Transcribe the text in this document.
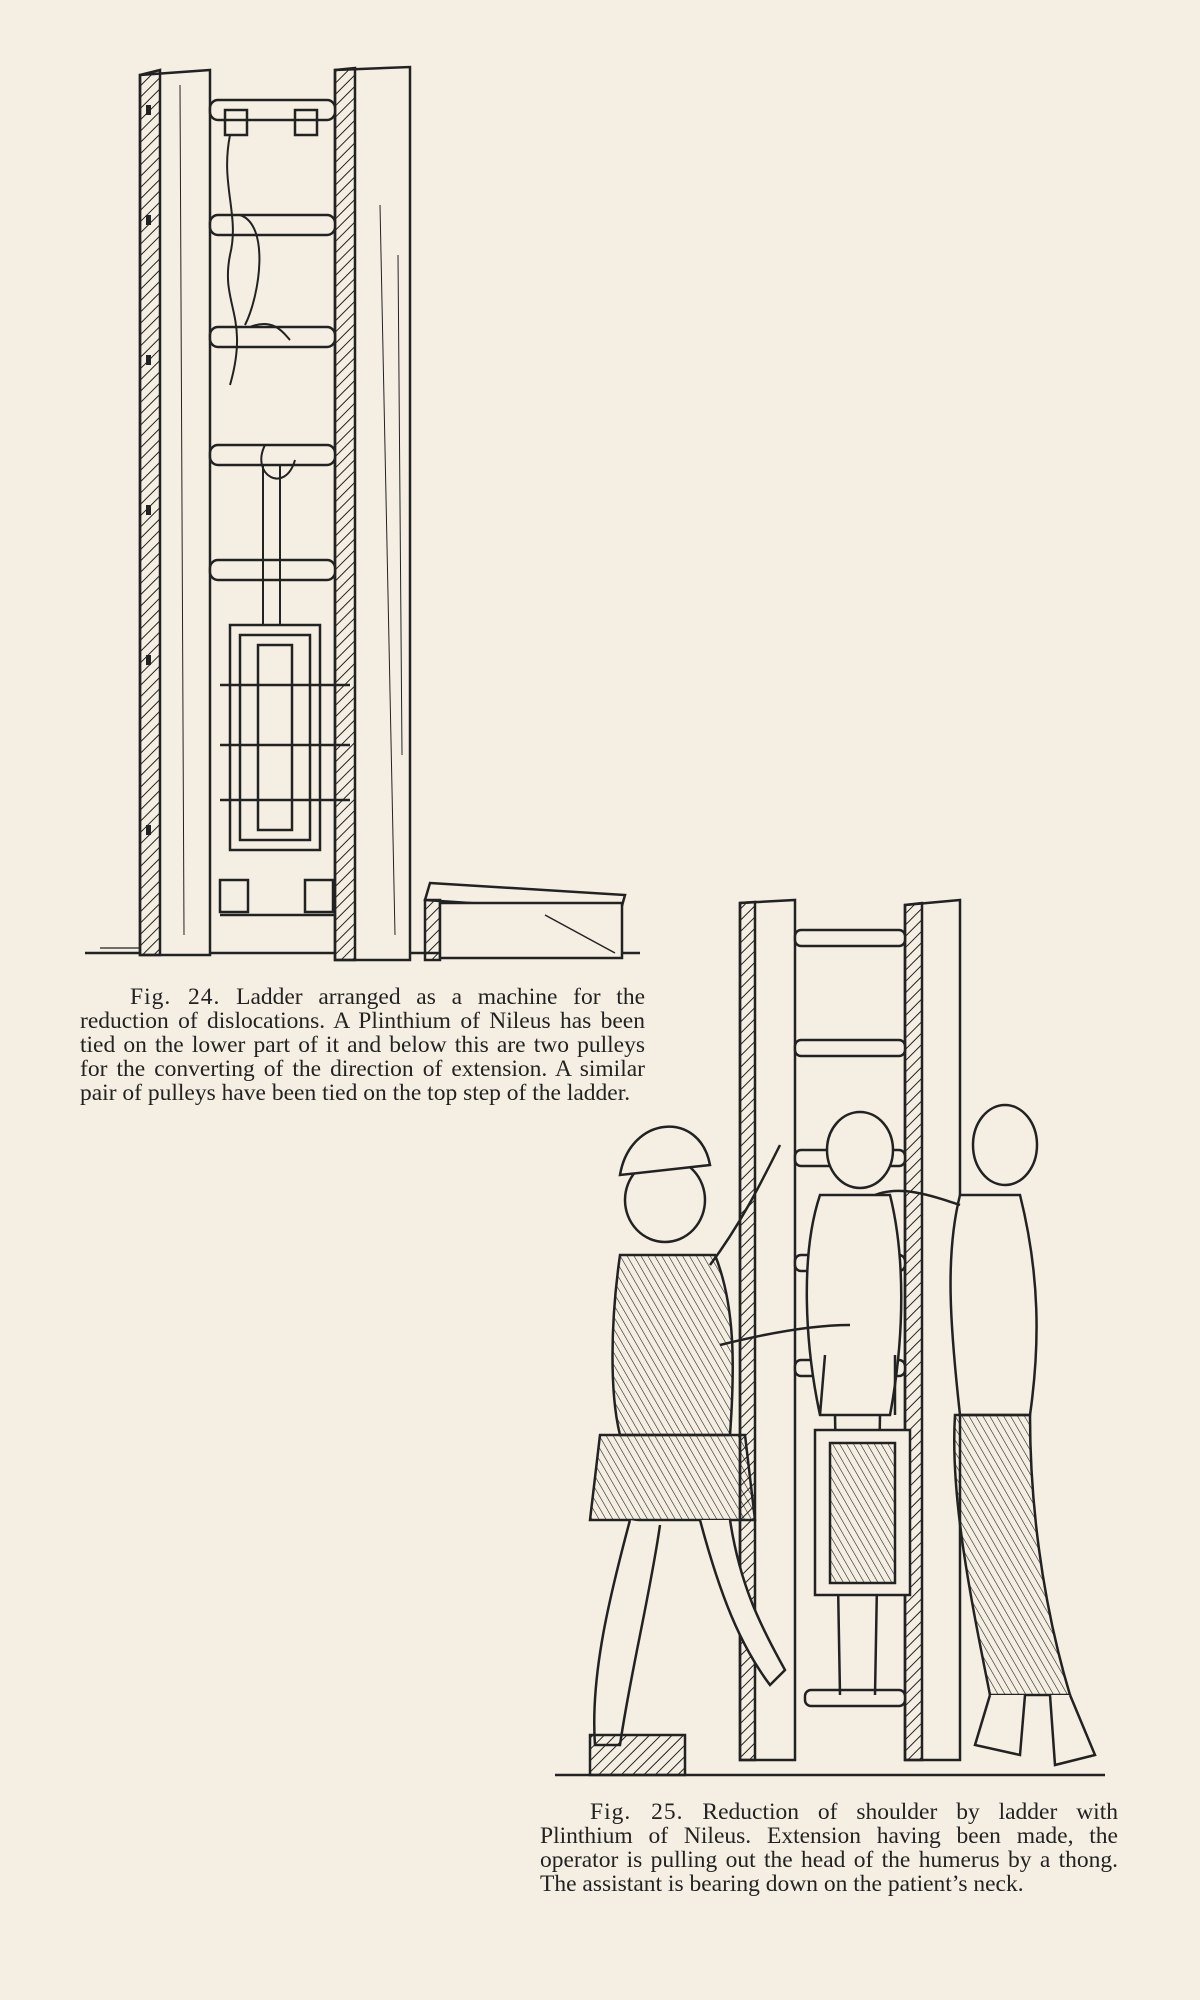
Fig. 24. Ladder arranged as a machine for the reduction of dislocations. A Plinthium of Nileus has been tied on the lower part of it and below this are two pulleys for the converting of the direction of extension. A similar pair of pulleys have been tied on the top step of the ladder.

Fig. 25. Reduction of shoulder by ladder with Plinthium of Nileus. Extension having been made, the operator is pulling out the head of the humerus by a thong. The assistant is bearing down on the patient’s neck.
